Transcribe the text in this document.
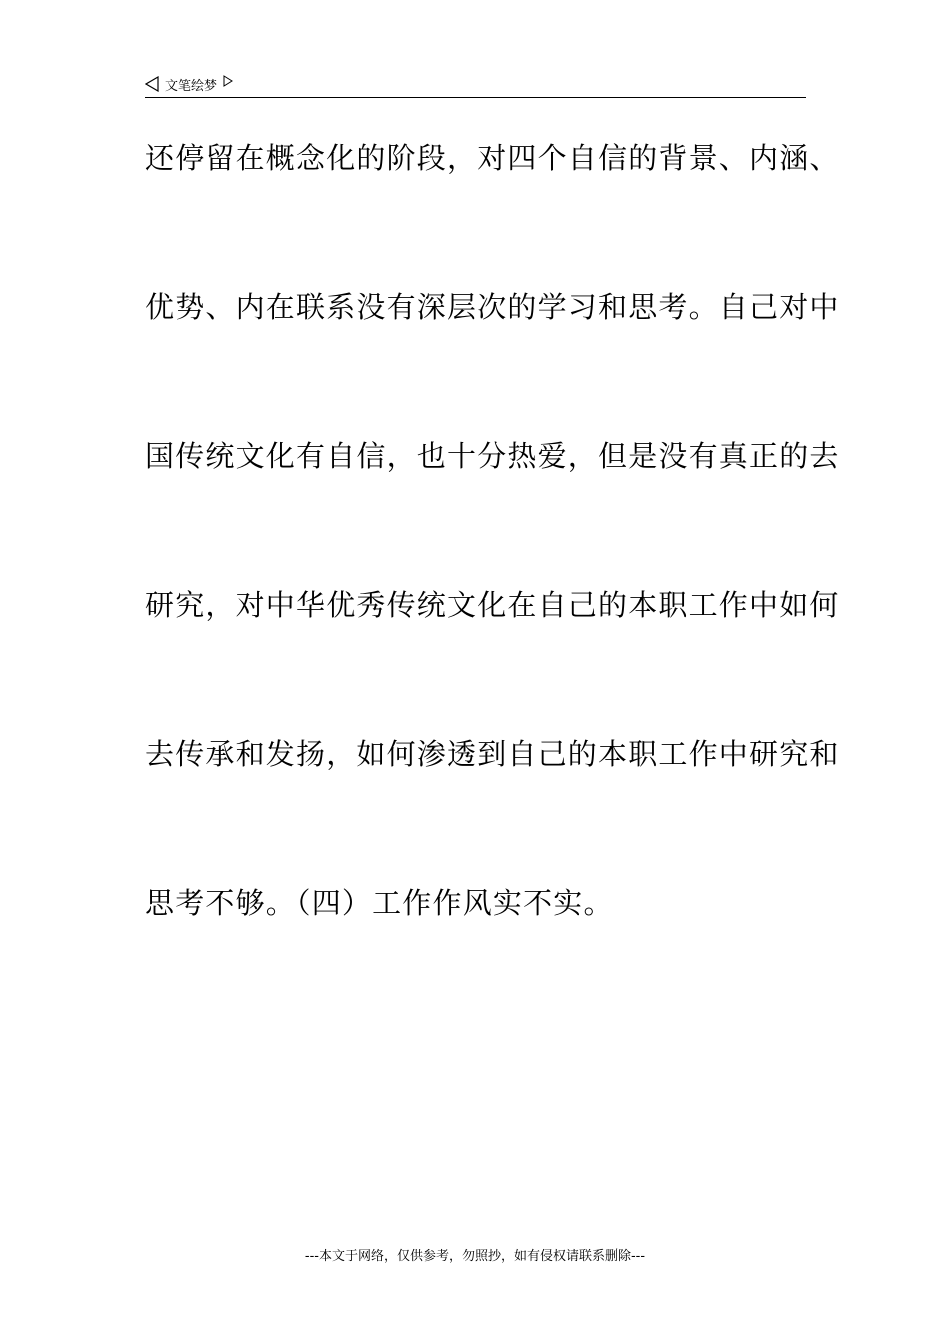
文笔绘梦
还停留在概念化的阶段，对四个自信的背景、内涵、
优势、内在联系没有深层次的学习和思考。自己对中
国传统文化有自信，也十分热爱，但是没有真正的去
研究，对中华优秀传统文化在自己的本职工作中如何
去传承和发扬，如何渗透到自己的本职工作中研究和
思考不够。（四）工作作风实不实。
---本文于网络，仅供参考，勿照抄，如有侵权请联系删除---
